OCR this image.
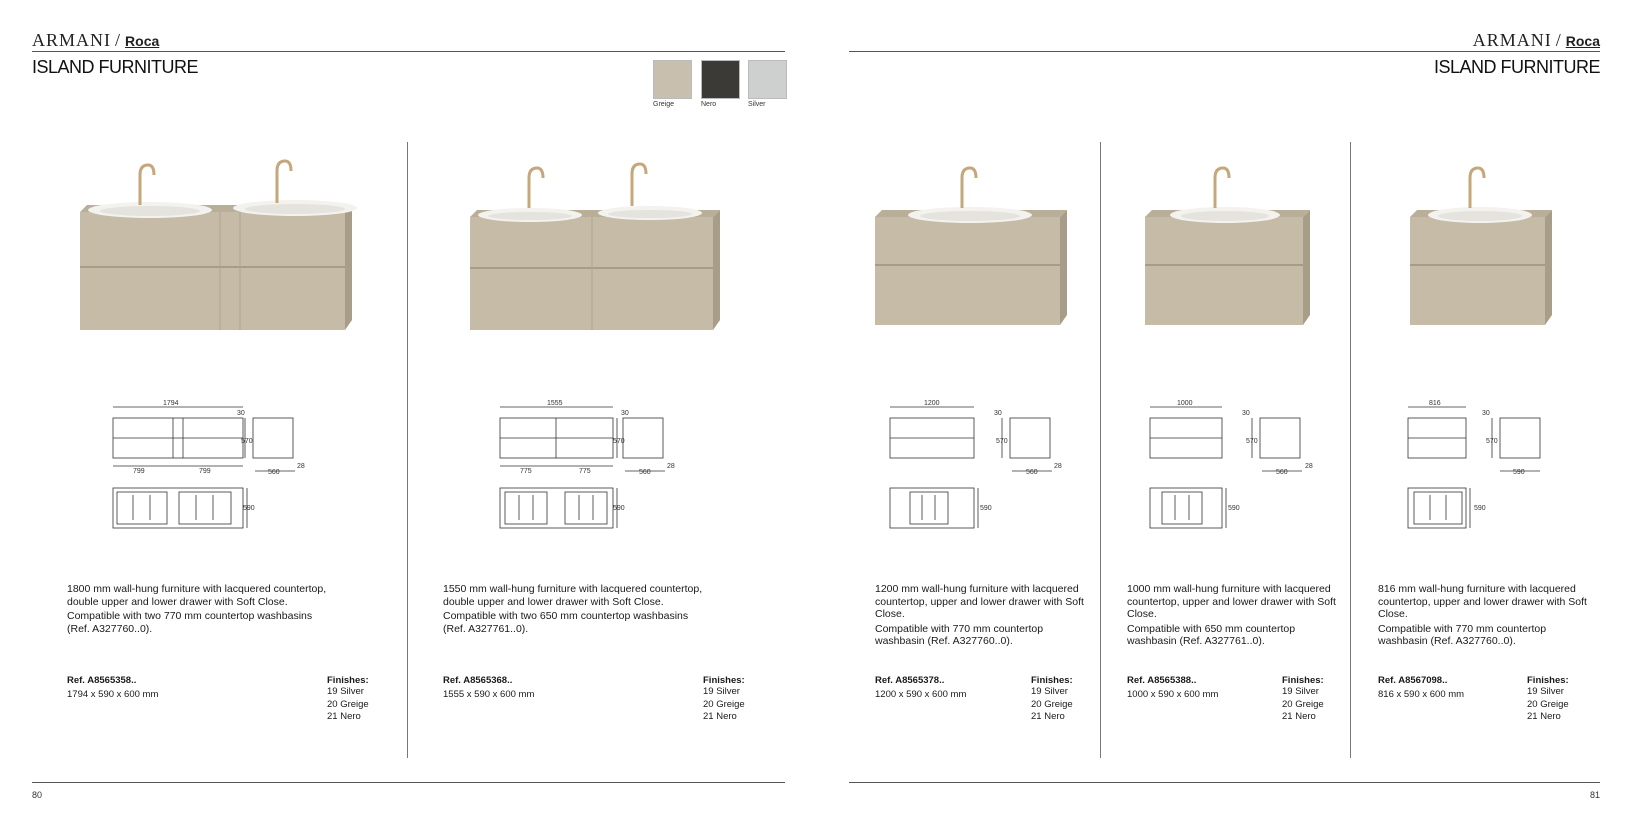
ARMANI / Roca
ISLAND FURNITURE
Greige	Nero	Silver
ARMANI / Roca
ISLAND FURNITURE
1794
30
570
799	799	560
28
590

1800 mm wall-hung furniture with lacquered countertop, double upper and lower drawer with Soft Close.

Compatible with two 770 mm countertop washbasins (Ref. A327760..0).

Ref. A8565358..
1794 x 590 x 600 mm
Finishes:
19 Silver
20 Greige
21 Nero
1555
30
570
775	775	560
28
590

1550 mm wall-hung furniture with lacquered countertop, double upper and lower drawer with Soft Close.

Compatible with two 650 mm countertop washbasins (Ref. A327761..0).

Ref. A8565368..
1555 x 590 x 600 mm
Finishes:
19 Silver
20 Greige
21 Nero
1200
30
570
560
28
590

1200 mm wall-hung furniture with lacquered countertop, upper and lower drawer with Soft Close.

Compatible with 770 mm countertop washbasin (Ref. A327760..0).

Ref. A8565378..
1200 x 590 x 600 mm
Finishes:
19 Silver
20 Greige
21 Nero
1000
30
570
560
28
590

1000 mm wall-hung furniture with lacquered countertop, upper and lower drawer with Soft Close.

Compatible with 650 mm countertop washbasin (Ref. A327761..0).

Ref. A8565388..
1000 x 590 x 600 mm
Finishes:
19 Silver
20 Greige
21 Nero
816
30
570
590
590

816 mm wall-hung furniture with lacquered countertop, upper and lower drawer with Soft Close.

Compatible with 770 mm countertop washbasin (Ref. A327760..0).

Ref. A8567098..
816 x 590 x 600 mm
Finishes:
19 Silver
20 Greige
21 Nero
80	81
